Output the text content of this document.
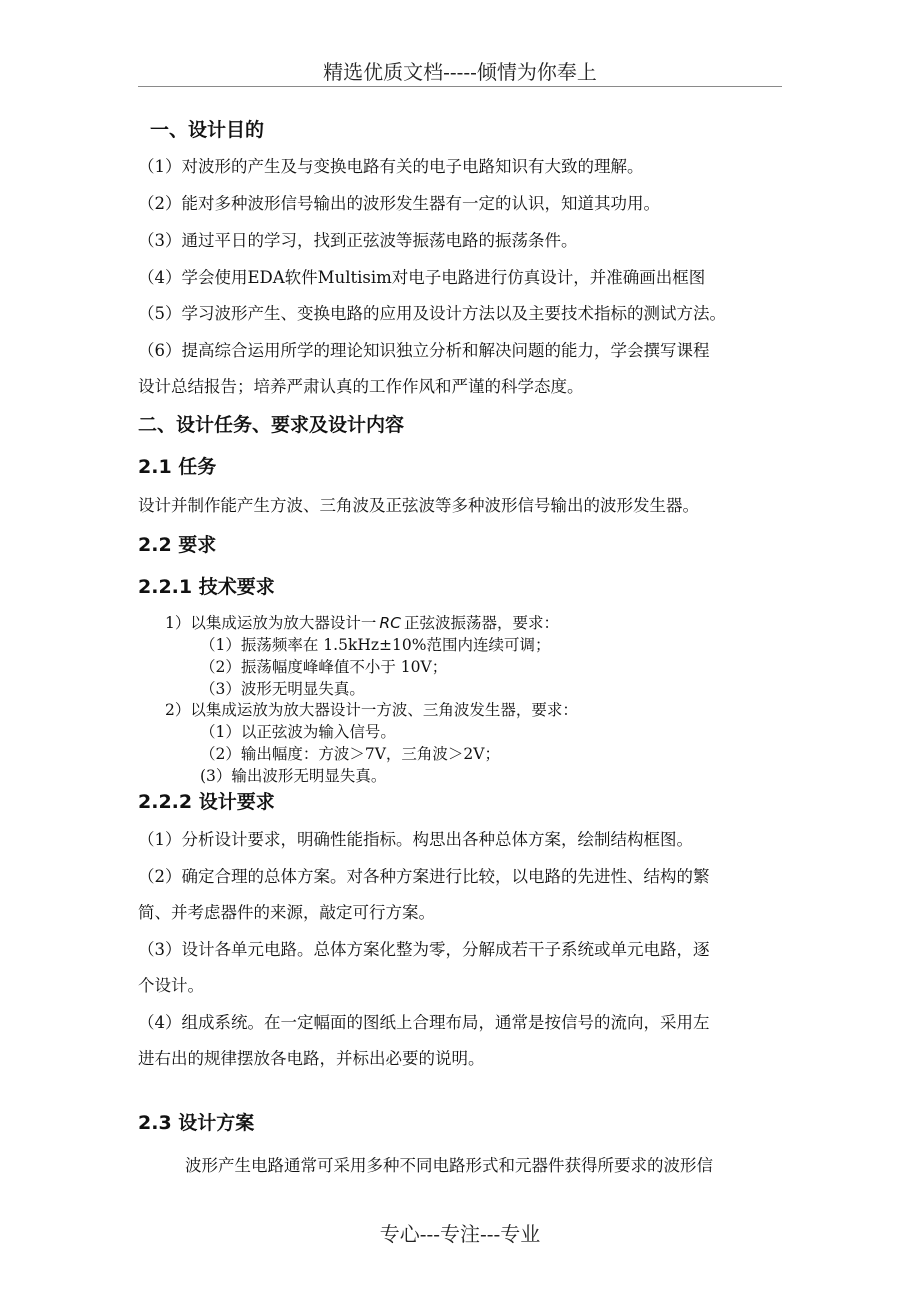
精选优质文档-----倾情为你奉上
一、设计目的
（1）对波形的产生及与变换电路有关的电子电路知识有大致的理解。
（2）能对多种波形信号输出的波形发生器有一定的认识，知道其功用。
（3）通过平日的学习，找到正弦波等振荡电路的振荡条件。
（4）学会使用EDA软件Multisim对电子电路进行仿真设计，并准确画出框图
（5）学习波形产生、变换电路的应用及设计方法以及主要技术指标的测试方法。
（6）提高综合运用所学的理论知识独立分析和解决问题的能力，学会撰写课程
设计总结报告；培养严肃认真的工作作风和严谨的科学态度。
二、设计任务、要求及设计内容
2.1 任务
设计并制作能产生方波、三角波及正弦波等多种波形信号输出的波形发生器。
2.2 要求
2.2.1 技术要求
1）以集成运放为放大器设计一 RC 正弦波振荡器，要求：
（1）振荡频率在 1.5kHz±10%范围内连续可调；
（2）振荡幅度峰峰值不小于 10V；
（3）波形无明显失真。
2）以集成运放为放大器设计一方波、三角波发生器，要求：
（1）以正弦波为输入信号。
（2）输出幅度：方波＞7V，三角波＞2V；
(3）输出波形无明显失真。
2.2.2 设计要求
（1）分析设计要求，明确性能指标。构思出各种总体方案，绘制结构框图。
（2）确定合理的总体方案。对各种方案进行比较，以电路的先进性、结构的繁
简、并考虑器件的来源，敲定可行方案。
（3）设计各单元电路。总体方案化整为零，分解成若干子系统或单元电路，逐
个设计。
（4）组成系统。在一定幅面的图纸上合理布局，通常是按信号的流向，采用左
进右出的规律摆放各电路，并标出必要的说明。
2.3 设计方案
波形产生电路通常可采用多种不同电路形式和元器件获得所要求的波形信
专心---专注---专业
